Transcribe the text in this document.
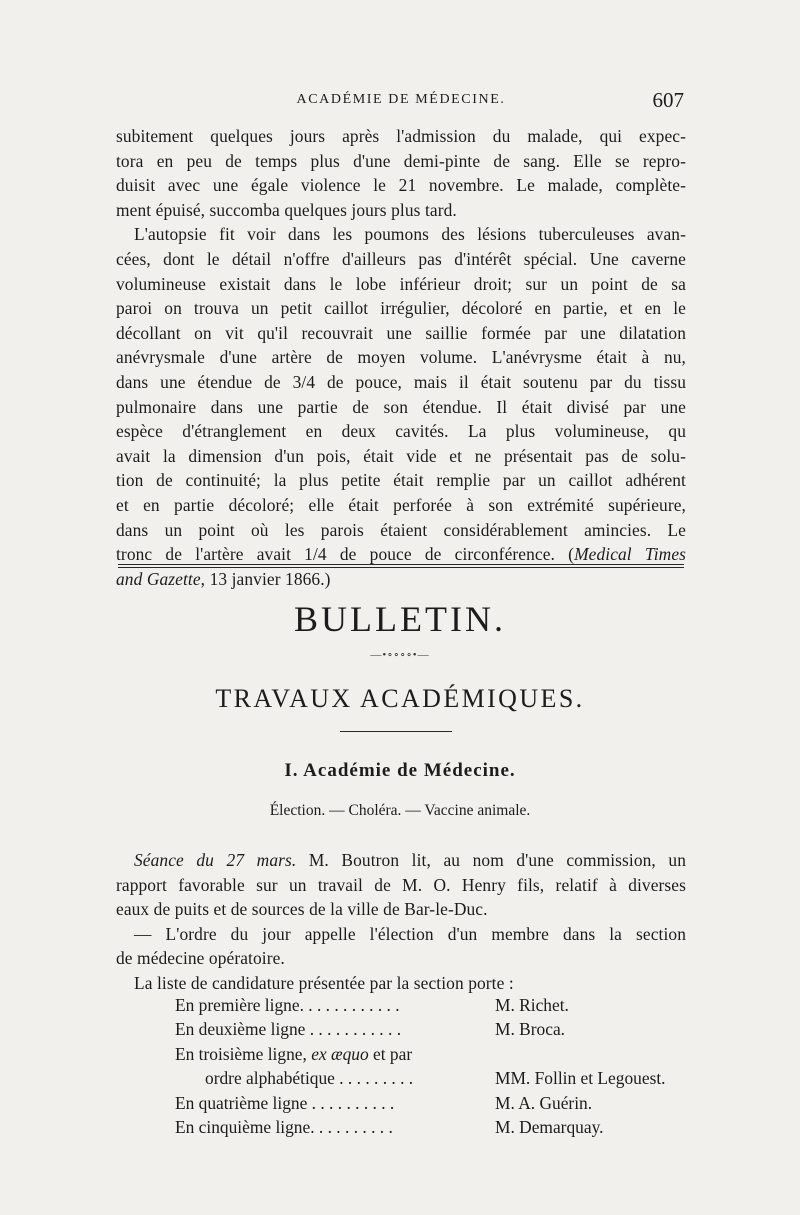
ACADÉMIE DE MÉDECINE.	607
subitement quelques jours après l'admission du malade, qui expec-
tora en peu de temps plus d'une demi-pinte de sang. Elle se repro-
duisit avec une égale violence le 21 novembre. Le malade, complète-
ment épuisé, succomba quelques jours plus tard.
L'autopsie fit voir dans les poumons des lésions tuberculeuses avan-
cées, dont le détail n'offre d'ailleurs pas d'intérêt spécial. Une caverne
volumineuse existait dans le lobe inférieur droit; sur un point de sa
paroi on trouva un petit caillot irrégulier, décoloré en partie, et en le
décollant on vit qu'il recouvrait une saillie formée par une dilatation
anévrysmale d'une artère de moyen volume. L'anévrysme était à nu,
dans une étendue de 3/4 de pouce, mais il était soutenu par du tissu
pulmonaire dans une partie de son étendue. Il était divisé par une
espèce d'étranglement en deux cavités. La plus volumineuse, qu
avait la dimension d'un pois, était vide et ne présentait pas de solu-
tion de continuité; la plus petite était remplie par un caillot adhérent
et en partie décoloré; elle était perforée à son extrémité supérieure,
dans un point où les parois étaient considérablement amincies. Le
tronc de l'artère avait 1/4 de pouce de circonférence. (Medical Times
and Gazette, 13 janvier 1866.)
BULLETIN.
—•∘∘∘∘•—
TRAVAUX ACADÉMIQUES.
I. Académie de Médecine.
Élection. — Choléra. — Vaccine animale.
Séance du 27 mars. M. Boutron lit, au nom d'une commission, un
rapport favorable sur un travail de M. O. Henry fils, relatif à diverses
eaux de puits et de sources de la ville de Bar-le-Duc.
— L'ordre du jour appelle l'élection d'un membre dans la section
de médecine opératoire.
La liste de candidature présentée par la section porte :
En première ligne. . . . . . . . . . . .	M. Richet.
En deuxième ligne . . . . . . . . . . .	M. Broca.
En troisième ligne, ex æquo et par
ordre alphabétique . . . . . . . . .	MM. Follin et Legouest.
En quatrième ligne . . . . . . . . . .	M. A. Guérin.
En cinquième ligne. . . . . . . . . .	M. Demarquay.
